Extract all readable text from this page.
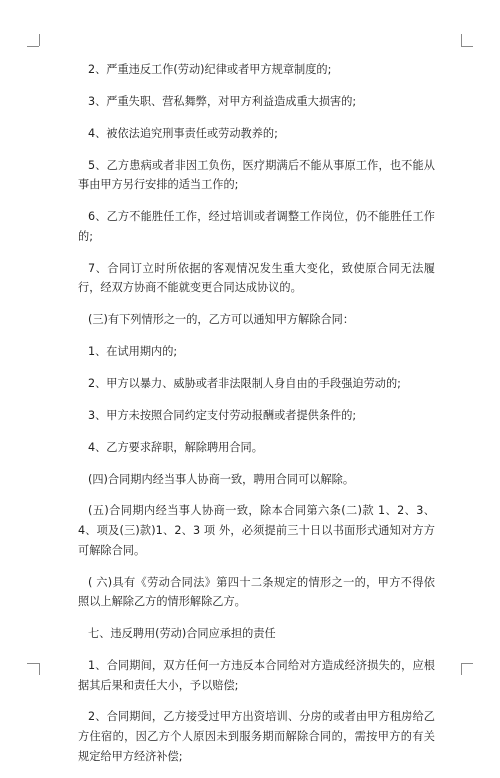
2、严重违反工作(劳动)纪律或者甲方规章制度的;

3、严重失职、营私舞弊，对甲方利益造成重大损害的;

4、被依法追究刑事责任或劳动教养的;

5、乙方患病或者非因工负伤，医疗期满后不能从事原工作，也不能从事由甲方另行安排的适当工作的;

6、乙方不能胜任工作，经过培训或者调整工作岗位，仍不能胜任工作的;

7、合同订立时所依据的客观情况发生重大变化，致使原合同无法履行，经双方协商不能就变更合同达成协议的。

(三)有下列情形之一的，乙方可以通知甲方解除合同：

1、在试用期内的;

2、甲方以暴力、威胁或者非法限制人身自由的手段强迫劳动的;

3、甲方未按照合同约定支付劳动报酬或者提供条件的;

4、乙方要求辞职，解除聘用合同。

(四)合同期内经当事人协商一致，聘用合同可以解除。

(五)合同期内经当事人协商一致，除本合同第六条(二)款 1、2、3、4、项及(三)款)1、2、3 项 外，必须提前三十日以书面形式通知对方方可解除合同。

( 六)具有《劳动合同法》第四十二条规定的情形之一的，甲方不得依照以上解除乙方的情形解除乙方。

七、违反聘用(劳动)合同应承担的责任

1、合同期间，双方任何一方违反本合同给对方造成经济损失的，应根据其后果和责任大小，予以赔偿;

2、合同期间，乙方接受过甲方出资培训、分房的或者由甲方租房给乙方住宿的，因乙方个人原因未到服务期而解除合同的，需按甲方的有关规定给甲方经济补偿;
